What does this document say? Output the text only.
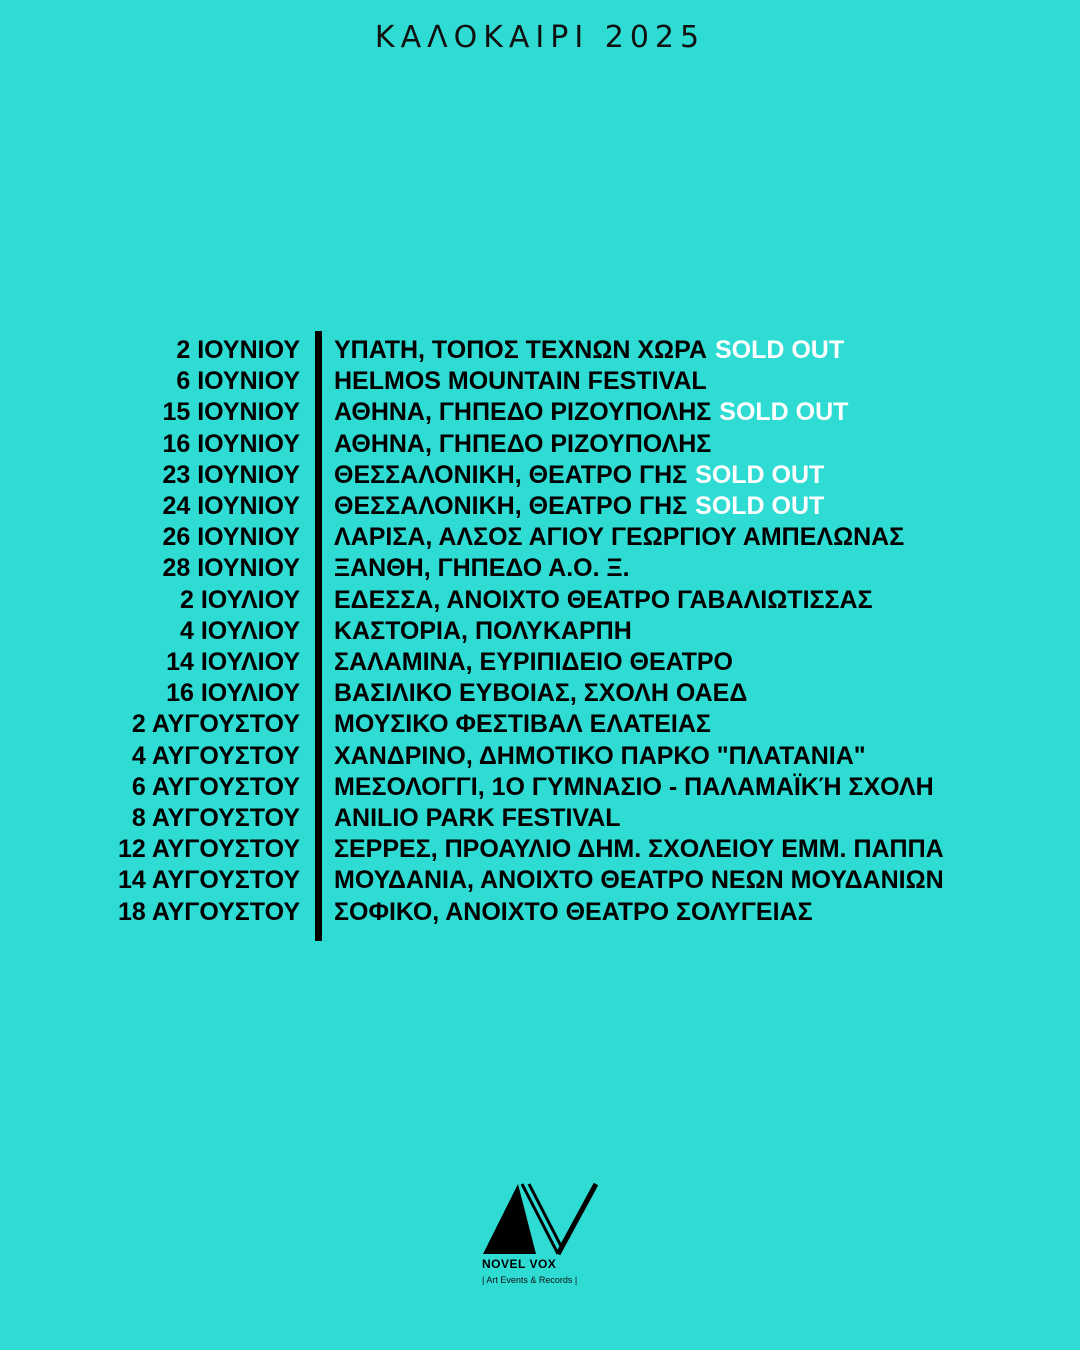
ΚΑΛΟΚΑΙΡΙ 2025
2 ΙΟΥΝΙΟΥ ΥΠΑΤΗ, ΤΟΠΟΣ ΤΕΧΝΩΝ ΧΩΡΑ SOLD OUT
6 ΙΟΥΝΙΟΥ HELMOS MOUNTAIN FESTIVAL
15 ΙΟΥΝΙΟΥ ΑΘΗΝΑ, ΓΗΠΕΔΟ ΡΙΖΟΥΠΟΛΗΣ SOLD OUT
16 ΙΟΥΝΙΟΥ ΑΘΗΝΑ, ΓΗΠΕΔΟ ΡΙΖΟΥΠΟΛΗΣ
23 ΙΟΥΝΙΟΥ ΘΕΣΣΑΛΟΝΙΚΗ, ΘΕΑΤΡΟ ΓΗΣ SOLD OUT
24 ΙΟΥΝΙΟΥ ΘΕΣΣΑΛΟΝΙΚΗ, ΘΕΑΤΡΟ ΓΗΣ SOLD OUT
26 ΙΟΥΝΙΟΥ ΛΑΡΙΣΑ, ΑΛΣΟΣ ΑΓΙΟΥ ΓΕΩΡΓΙΟΥ ΑΜΠΕΛΩΝΑΣ
28 ΙΟΥΝΙΟΥ ΞΑΝΘΗ, ΓΗΠΕΔΟ Α.Ο. Ξ.
2 ΙΟΥΛΙΟΥ ΕΔΕΣΣΑ, ΑΝΟΙΧΤΟ ΘΕΑΤΡΟ ΓΑΒΑΛΙΩΤΙΣΣΑΣ
4 ΙΟΥΛΙΟΥ ΚΑΣΤΟΡΙΑ, ΠΟΛΥΚΑΡΠΗ
14 ΙΟΥΛΙΟΥ ΣΑΛΑΜΙΝΑ, ΕΥΡΙΠΙΔΕΙΟ ΘΕΑΤΡΟ
16 ΙΟΥΛΙΟΥ ΒΑΣΙΛΙΚΟ ΕΥΒΟΙΑΣ, ΣΧΟΛΗ ΟΑΕΔ
2 ΑΥΓΟΥΣΤΟΥ ΜΟΥΣΙΚΟ ΦΕΣΤΙΒΑΛ ΕΛΑΤΕΙΑΣ
4 ΑΥΓΟΥΣΤΟΥ ΧΑΝΔΡΙΝΟ, ΔΗΜΟΤΙΚΟ ΠΑΡΚΟ "ΠΛΑΤΑΝΙΑ"
6 ΑΥΓΟΥΣΤΟΥ ΜΕΣΟΛΟΓΓΙ, 1Ο ΓΥΜΝΑΣΙΟ - ΠΑΛΑΜΑΪΚΉ ΣΧΟΛΗ
8 ΑΥΓΟΥΣΤΟΥ ANILIO PARK FESTIVAL
12 ΑΥΓΟΥΣΤΟΥ ΣΕΡΡΕΣ, ΠΡΟΑΥΛΙΟ ΔΗΜ. ΣΧΟΛΕΙΟΥ ΕΜΜ. ΠΑΠΠΑ
14 ΑΥΓΟΥΣΤΟΥ ΜΟΥΔΑΝΙΑ, ΑΝΟΙΧΤΟ ΘΕΑΤΡΟ ΝΕΩΝ ΜΟΥΔΑΝΙΩΝ
18 ΑΥΓΟΥΣΤΟΥ ΣΟΦΙΚΟ, ΑΝΟΙΧΤΟ ΘΕΑΤΡΟ ΣΟΛΥΓΕΙΑΣ
NOVEL VOX
| Art Events & Records |
